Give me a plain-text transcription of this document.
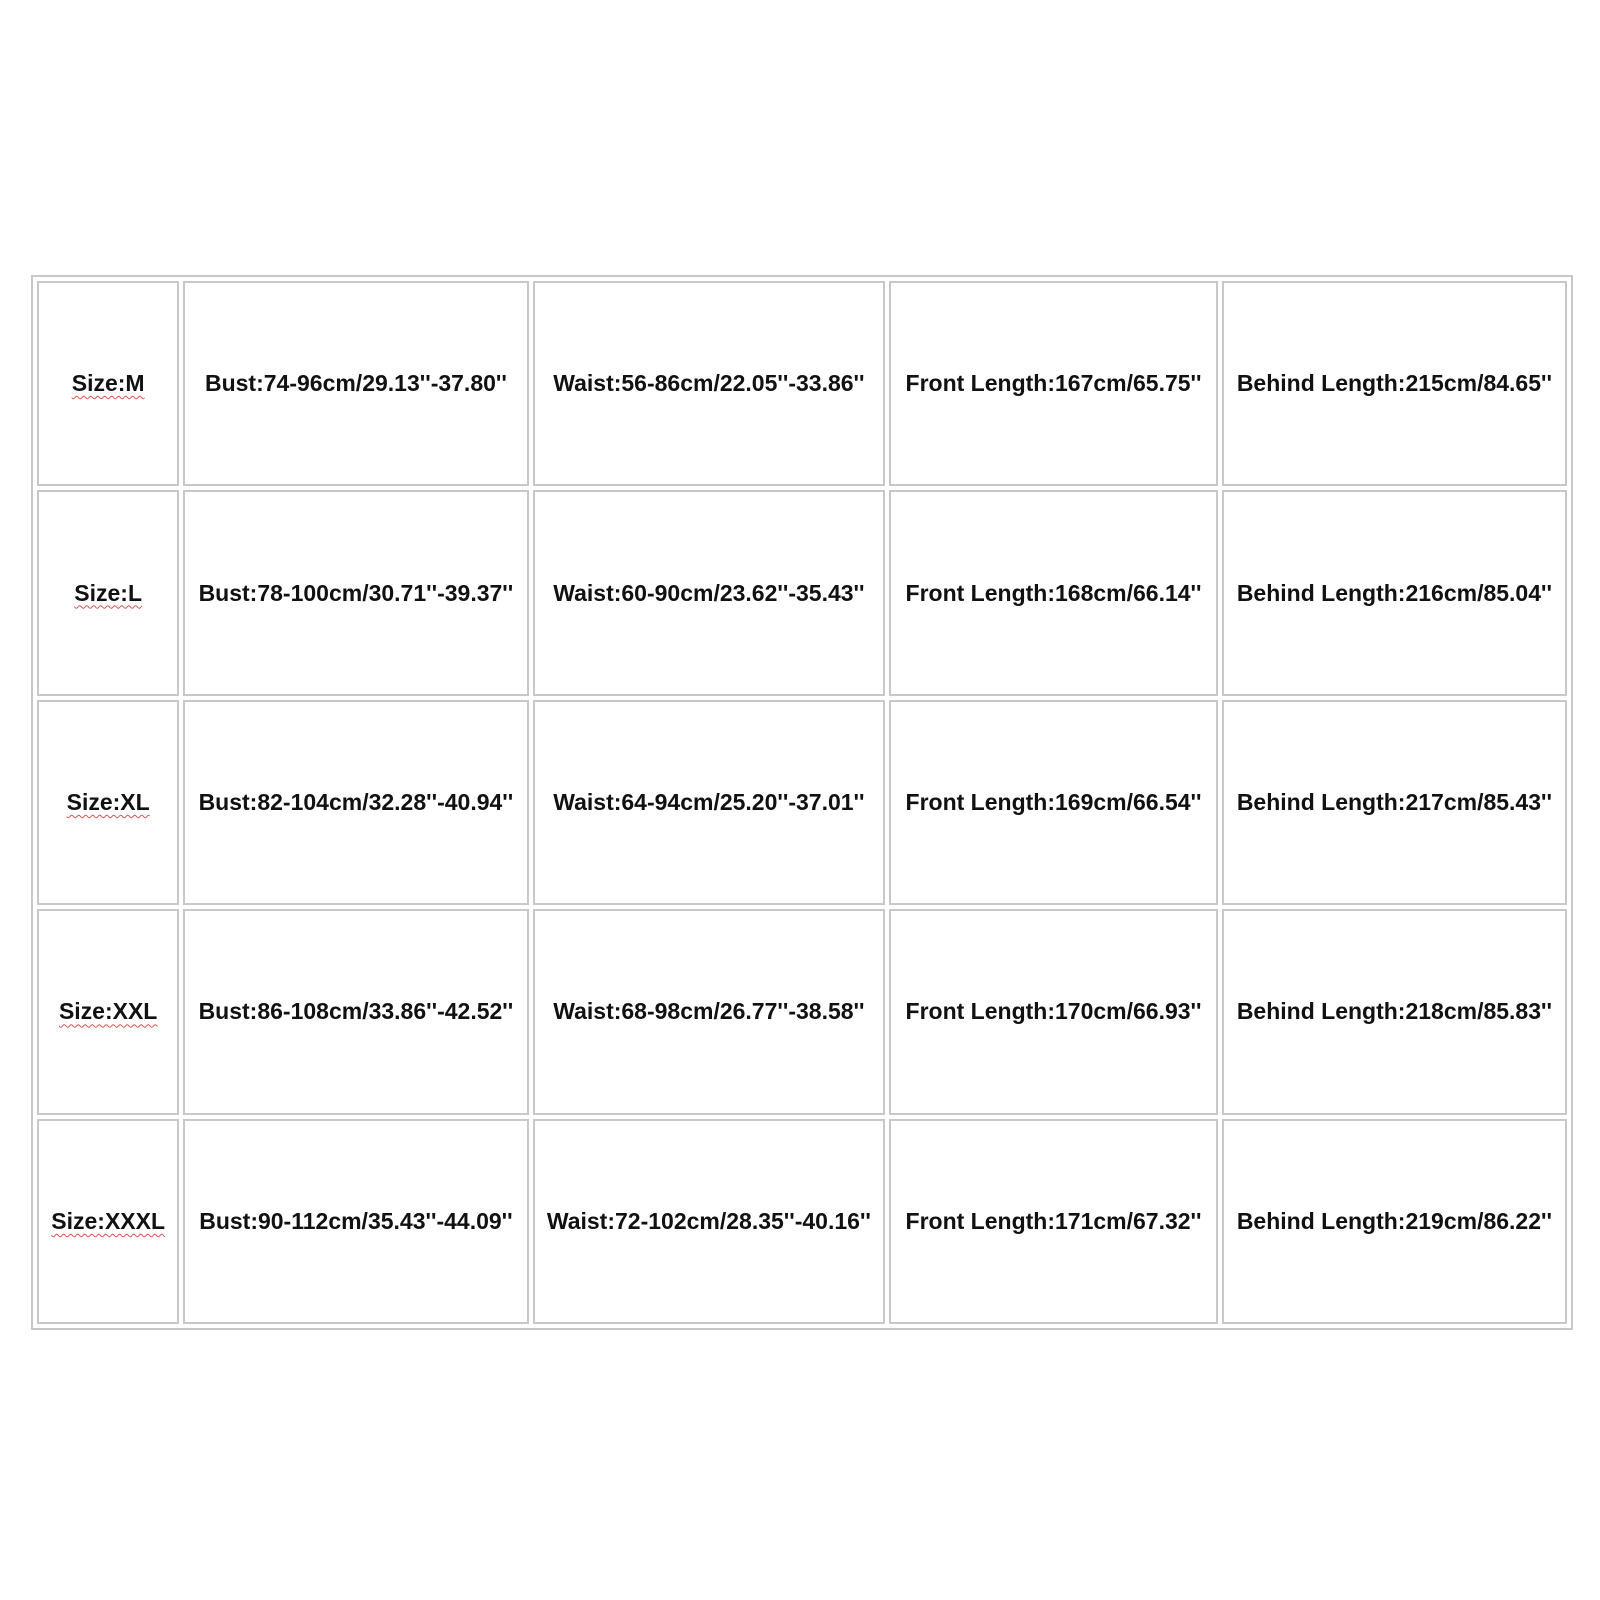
Size:M	Bust:74-96cm/29.13''-37.80''	Waist:56-86cm/22.05''-33.86''	Front Length:167cm/65.75''	Behind Length:215cm/84.65''
Size:L	Bust:78-100cm/30.71''-39.37''	Waist:60-90cm/23.62''-35.43''	Front Length:168cm/66.14''	Behind Length:216cm/85.04''
Size:XL	Bust:82-104cm/32.28''-40.94''	Waist:64-94cm/25.20''-37.01''	Front Length:169cm/66.54''	Behind Length:217cm/85.43''
Size:XXL	Bust:86-108cm/33.86''-42.52''	Waist:68-98cm/26.77''-38.58''	Front Length:170cm/66.93''	Behind Length:218cm/85.83''
Size:XXXL	Bust:90-112cm/35.43''-44.09''	Waist:72-102cm/28.35''-40.16''	Front Length:171cm/67.32''	Behind Length:219cm/86.22''
